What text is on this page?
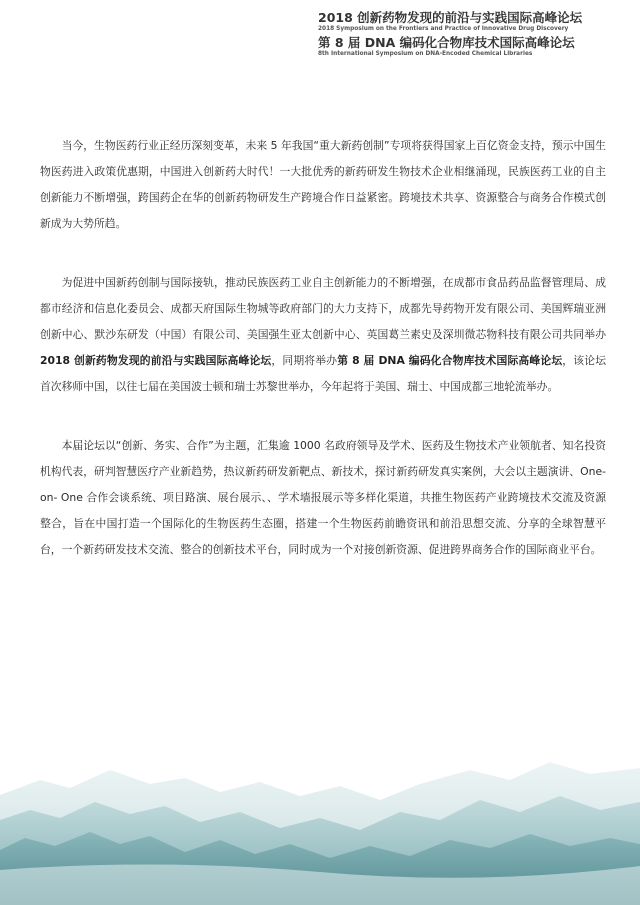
2018 创新药物发现的前沿与实践国际高峰论坛
2018 Symposium on the Frontiers and Practice of Innovative Drug Discovery
第 8 届 DNA 编码化合物库技术国际高峰论坛
8th International Symposium on DNA-Encoded Chemical Libraries

当今，生物医药行业正经历深刻变革，未来 5 年我国“重大新药创制”专项将获得国家上百亿资金支持，预示中国生物医药进入政策优惠期，中国进入创新药大时代！一大批优秀的新药研发生物技术企业相继涌现，民族医药工业的自主创新能力不断增强，跨国药企在华的创新药物研发生产跨境合作日益紧密。跨境技术共享、资源整合与商务合作模式创新成为大势所趋。

为促进中国新药创制与国际接轨，推动民族医药工业自主创新能力的不断增强，在成都市食品药品监督管理局、成都市经济和信息化委员会、成都天府国际生物城等政府部门的大力支持下，成都先导药物开发有限公司、美国辉瑞亚洲创新中心、默沙东研发（中国）有限公司、美国强生亚太创新中心、英国葛兰素史及深圳微芯物科技有限公司共同举办 2018 创新药物发现的前沿与实践国际高峰论坛，同期将举办第 8 届 DNA 编码化合物库技术国际高峰论坛，该论坛首次移师中国，以往七届在美国波士顿和瑞士苏黎世举办，今年起将于美国、瑞士、中国成都三地轮流举办。

本届论坛以“创新、务实、合作”为主题，汇集逾 1000 名政府领导及学术、医药及生物技术产业领航者、知名投资机构代表，研判智慧医疗产业新趋势，热议新药研发新靶点、新技术，探讨新药研发真实案例，大会以主题演讲、One-on- One 合作会谈系统、项目路演、展台展示、、学术墙报展示等多样化渠道，共推生物医药产业跨境技术交流及资源整合，旨在中国打造一个国际化的生物医药生态圈，搭建一个生物医药前瞻资讯和前沿思想交流、分享的全球智慧平台，一个新药研发技术交流、整合的创新技术平台，同时成为一个对接创新资源、促进跨界商务合作的国际商业平台。
